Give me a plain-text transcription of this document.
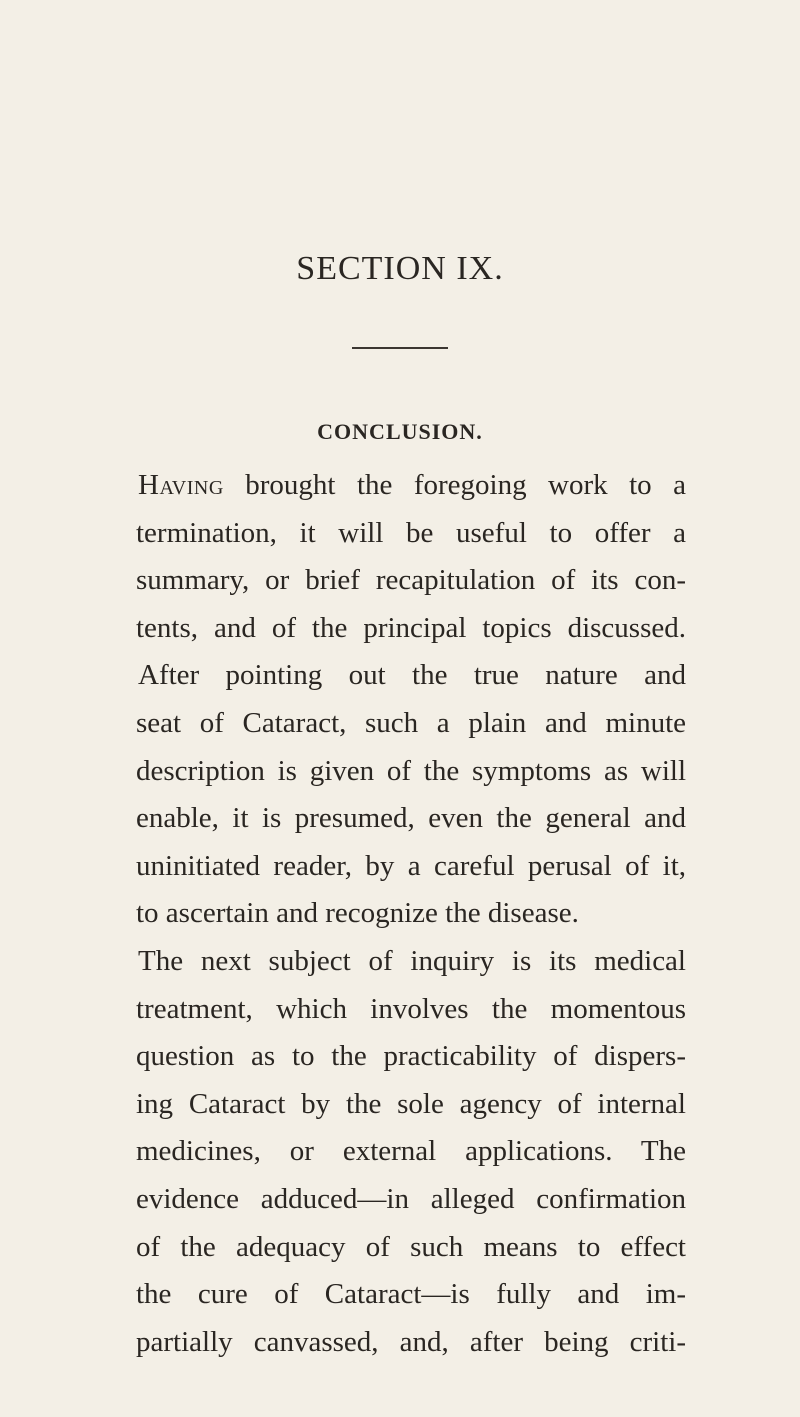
SECTION IX.
CONCLUSION.
Having brought the foregoing work to a
termination, it will be useful to offer a
summary, or brief recapitulation of its con-
tents, and of the principal topics discussed.
After pointing out the true nature and
seat of Cataract, such a plain and minute
description is given of the symptoms as will
enable, it is presumed, even the general and
uninitiated reader, by a careful perusal of it,
to ascertain and recognize the disease.
The next subject of inquiry is its medical
treatment, which involves the momentous
question as to the practicability of dispers-
ing Cataract by the sole agency of internal
medicines, or external applications. The
evidence adduced—in alleged confirmation
of the adequacy of such means to effect
the cure of Cataract—is fully and im-
partially canvassed, and, after being criti-
